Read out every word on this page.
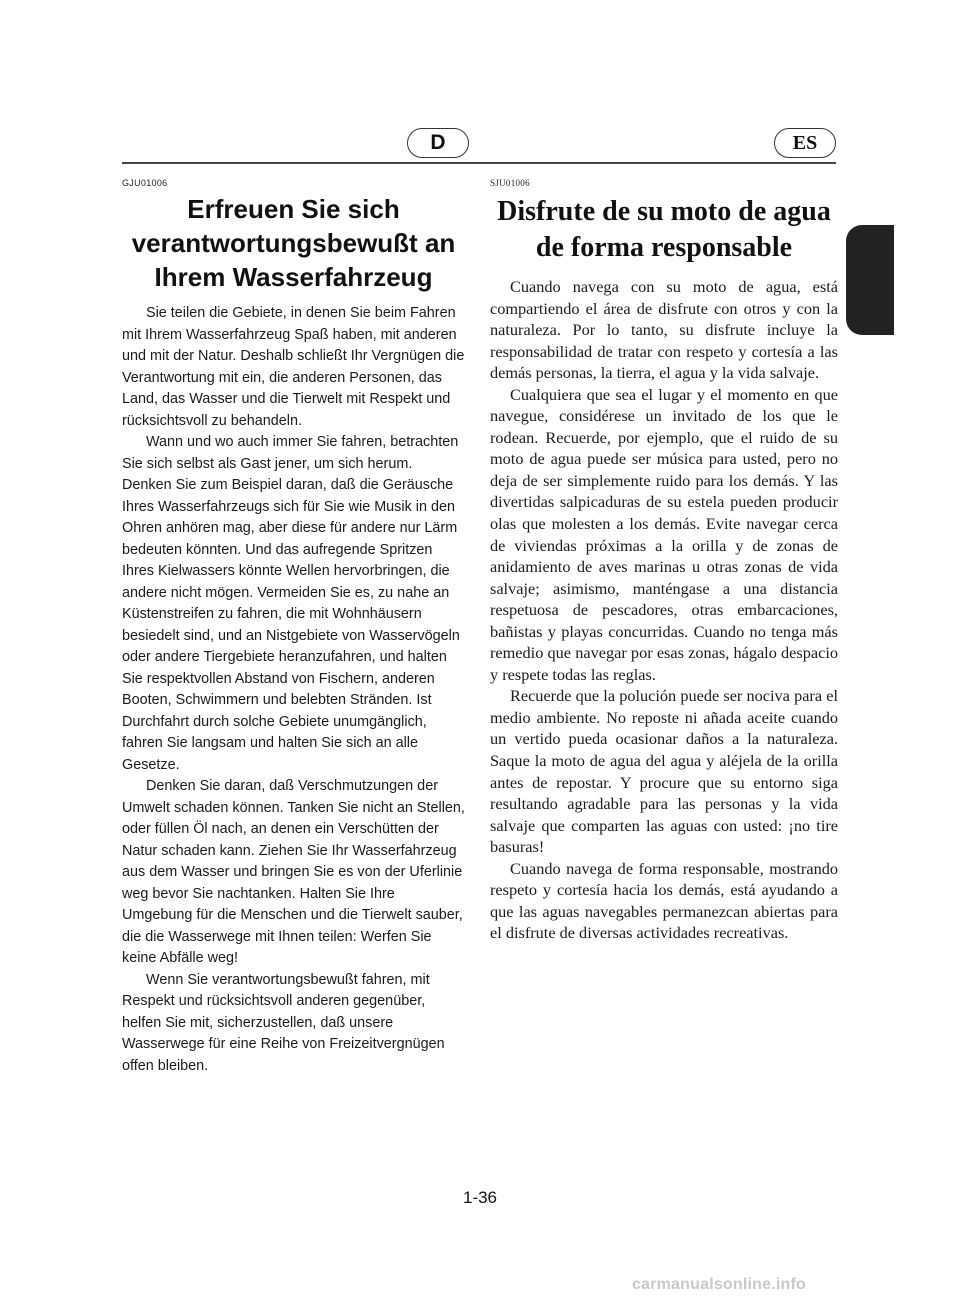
D	ES
GJU01006
Erfreuen Sie sich
verantwortungsbewußt an
Ihrem Wasserfahrzeug

Sie teilen die Gebiete, in denen Sie beim Fahren mit Ihrem Wasserfahrzeug Spaß haben, mit anderen und mit der Natur. Deshalb schließt Ihr Vergnügen die Verantwortung mit ein, die anderen Personen, das Land, das Wasser und die Tierwelt mit Respekt und rücksichtsvoll zu behandeln.

Wann und wo auch immer Sie fahren, betrachten Sie sich selbst als Gast jener, um sich herum. Denken Sie zum Beispiel daran, daß die Geräusche Ihres Wasserfahrzeugs sich für Sie wie Musik in den Ohren anhören mag, aber diese für andere nur Lärm bedeuten könnten. Und das aufregende Spritzen Ihres Kielwassers könnte Wellen hervorbringen, die andere nicht mögen. Vermeiden Sie es, zu nahe an Küstenstreifen zu fahren, die mit Wohnhäusern besiedelt sind, und an Nistgebiete von Wasservögeln oder andere Tiergebiete heranzufahren, und halten Sie respektvollen Abstand von Fischern, anderen Booten, Schwimmern und belebten Stränden. Ist Durchfahrt durch solche Gebiete unumgänglich, fahren Sie langsam und halten Sie sich an alle Gesetze.

Denken Sie daran, daß Verschmutzungen der Umwelt schaden können. Tanken Sie nicht an Stellen, oder füllen Öl nach, an denen ein Verschütten der Natur schaden kann. Ziehen Sie Ihr Wasserfahrzeug aus dem Wasser und bringen Sie es von der Uferlinie weg bevor Sie nachtanken. Halten Sie Ihre Umgebung für die Menschen und die Tierwelt sauber, die die Wasserwege mit Ihnen teilen: Werfen Sie keine Abfälle weg!

Wenn Sie verantwortungsbewußt fahren, mit Respekt und rücksichtsvoll anderen gegenüber, helfen Sie mit, sicherzustellen, daß unsere Wasserwege für eine Reihe von Freizeitvergnügen offen bleiben.

SJU01006
Disfrute de su moto de agua
de forma responsable

Cuando navega con su moto de agua, está compartiendo el área de disfrute con otros y con la naturaleza. Por lo tanto, su disfrute incluye la responsabilidad de tratar con respeto y cortesía a las demás personas, la tierra, el agua y la vida salvaje.

Cualquiera que sea el lugar y el momento en que navegue, considérese un invitado de los que le rodean. Recuerde, por ejemplo, que el ruido de su moto de agua puede ser música para usted, pero no deja de ser simplemente ruido para los demás. Y las divertidas salpicaduras de su estela pueden producir olas que molesten a los demás. Evite navegar cerca de viviendas próximas a la orilla y de zonas de anidamiento de aves marinas u otras zonas de vida salvaje; asimismo, manténgase a una distancia respetuosa de pescadores, otras embarcaciones, bañistas y playas concurridas. Cuando no tenga más remedio que navegar por esas zonas, hágalo despacio y respete todas las reglas.

Recuerde que la polución puede ser nociva para el medio ambiente. No reposte ni añada aceite cuando un vertido pueda ocasionar daños a la naturaleza. Saque la moto de agua del agua y aléjela de la orilla antes de repostar. Y procure que su entorno siga resultando agradable para las personas y la vida salvaje que comparten las aguas con usted: ¡no tire basuras!

Cuando navega de forma responsable, mostrando respeto y cortesía hacia los demás, está ayudando a que las aguas navegables permanezcan abiertas para el disfrute de diversas actividades recreativas.

1-36
carmanualsonline.info
